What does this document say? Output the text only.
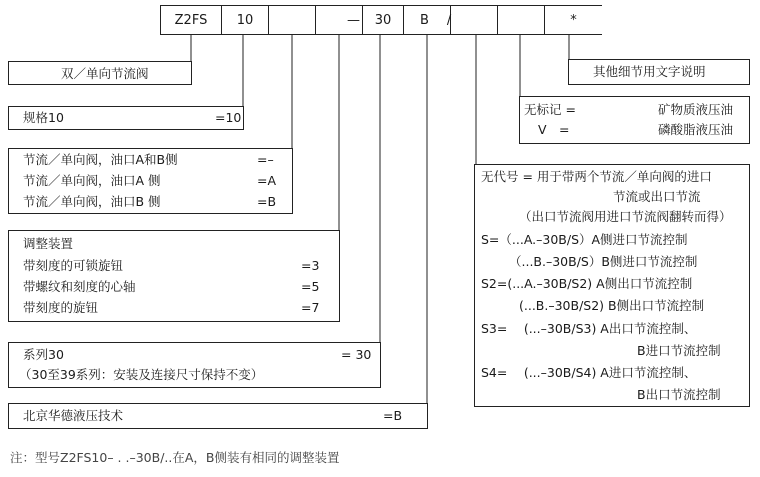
Z2FS	10	—	30	B /	*
双／单向节流阀
规格10	=10
节流／单向阀，油口A和B侧	=–
节流／单向阀，油口A 侧	=A
节流／单向阀，油口B 侧	=B
调整装置
带刻度的可锁旋钮	=3
带螺纹和刻度的心轴	=5
带刻度的旋钮	=7
系列30	= 30
（30至39系列：安装及连接尺寸保持不变）
北京华德液压技术	=B
其他细节用文字说明
无标记 =	矿物质液压油
V　=	磷酸脂液压油
无代号 = 用于带两个节流／单向阀的进口
节流或出口节流
（出口节流阀用进口节流阀翻转而得）
S=（...A.–30B/S）A侧进口节流控制
（...B.–30B/S）B侧进口节流控制
S2=(...A.–30B/S2) A侧出口节流控制
(...B.–30B/S2) B侧出口节流控制
S3=　 (...–30B/S3) A出口节流控制、
B进口节流控制
S4=　 (...–30B/S4) A进口节流控制、
B出口节流控制
注：型号Z2FS10– . .–30B/..在A，B侧装有相同的调整装置
